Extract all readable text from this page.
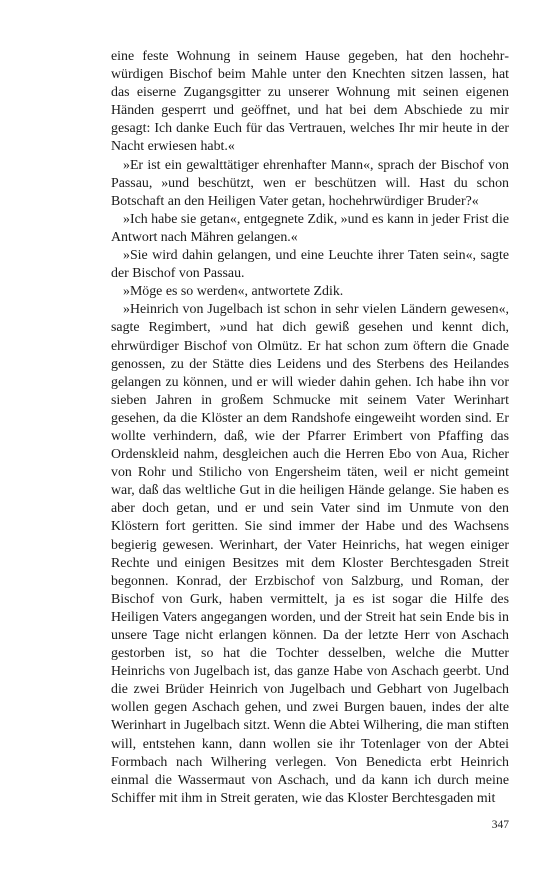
eine feste Wohnung in seinem Hause gegeben, hat den hochehrwürdigen Bischof beim Mahle unter den Knechten sitzen lassen, hat das eiserne Zugangsgitter zu unserer Wohnung mit seinen eigenen Händen gesperrt und geöffnet, und hat bei dem Abschiede zu mir gesagt: Ich danke Euch für das Vertrauen, welches Ihr mir heute in der Nacht erwiesen habt.«

»Er ist ein gewalttätiger ehrenhafter Mann«, sprach der Bischof von Passau, »und beschützt, wen er beschützen will. Hast du schon Botschaft an den Heiligen Vater getan, hochehrwürdiger Bruder?«

»Ich habe sie getan«, entgegnete Zdik, »und es kann in jeder Frist die Antwort nach Mähren gelangen.«

»Sie wird dahin gelangen, und eine Leuchte ihrer Taten sein«, sagte der Bischof von Passau.

»Möge es so werden«, antwortete Zdik.

»Heinrich von Jugelbach ist schon in sehr vielen Ländern gewesen«, sagte Regimbert, »und hat dich gewiß gesehen und kennt dich, ehrwürdiger Bischof von Olmütz. Er hat schon zum öftern die Gnade genossen, zu der Stätte dies Leidens und des Sterbens des Heilandes gelangen zu können, und er will wieder dahin gehen. Ich habe ihn vor sieben Jahren in großem Schmucke mit seinem Vater Werinhart gesehen, da die Klöster an dem Randshofe eingeweiht worden sind. Er wollte verhindern, daß, wie der Pfarrer Erimbert von Pfaffing das Ordenskleid nahm, desgleichen auch die Herren Ebo von Aua, Richer von Rohr und Stilicho von Engersheim täten, weil er nicht gemeint war, daß das weltliche Gut in die heiligen Hände gelange. Sie haben es aber doch getan, und er und sein Vater sind im Unmute von den Klöstern fort geritten. Sie sind immer der Habe und des Wachsens begierig gewesen. Werinhart, der Vater Heinrichs, hat wegen einiger Rechte und einigen Besitzes mit dem Kloster Berchtesgaden Streit begonnen. Konrad, der Erzbischof von Salzburg, und Roman, der Bischof von Gurk, haben vermittelt, ja es ist sogar die Hilfe des Heiligen Vaters angegangen worden, und der Streit hat sein Ende bis in unsere Tage nicht erlangen können. Da der letzte Herr von Aschach gestorben ist, so hat die Tochter desselben, welche die Mutter Heinrichs von Jugelbach ist, das ganze Habe von Aschach geerbt. Und die zwei Brüder Heinrich von Jugelbach und Gebhart von Jugelbach wollen gegen Aschach gehen, und zwei Burgen bauen, indes der alte Werinhart in Jugelbach sitzt. Wenn die Abtei Wilhering, die man stiften will, entstehen kann, dann wollen sie ihr Totenlager von der Abtei Formbach nach Wilhering verlegen. Von Benedicta erbt Heinrich einmal die Wassermaut von Aschach, und da kann ich durch meine Schiffer mit ihm in Streit geraten, wie das Kloster Berchtesgaden mit

347
